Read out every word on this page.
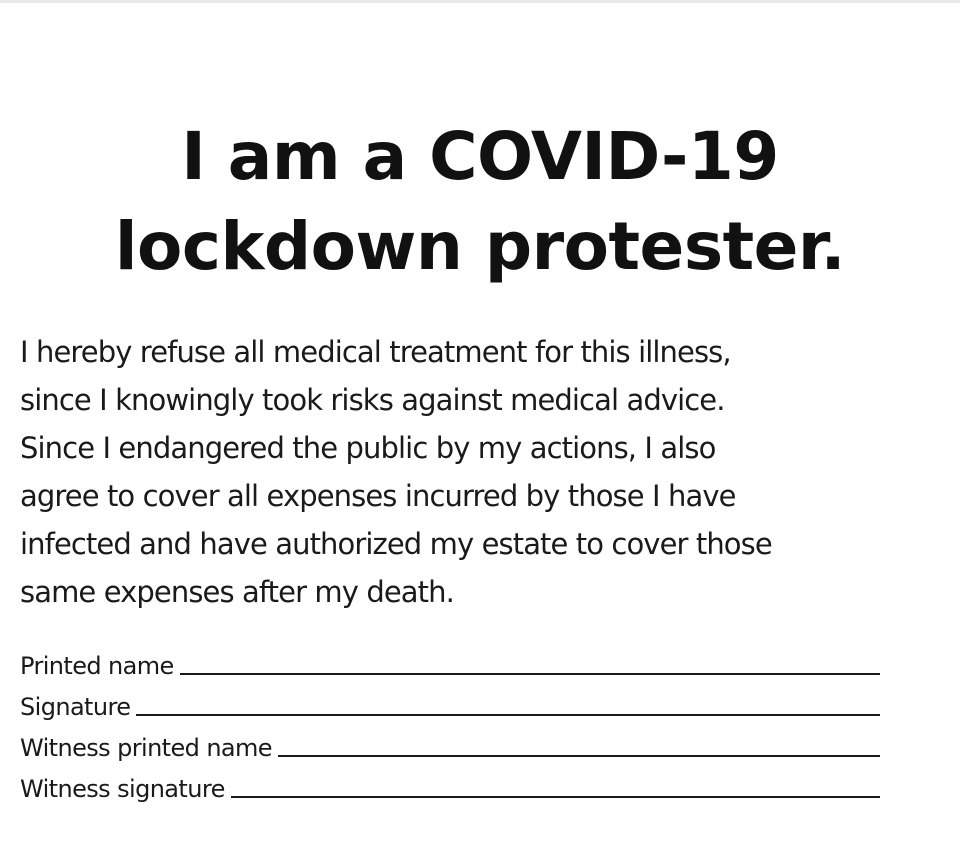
I am a COVID-19
lockdown protester.
I hereby refuse all medical treatment for this illness,
since I knowingly took risks against medical advice.
Since I endangered the public by my actions, I also
agree to cover all expenses incurred by those I have
infected and have authorized my estate to cover those
same expenses after my death.
Printed name
Signature
Witness printed name
Witness signature
